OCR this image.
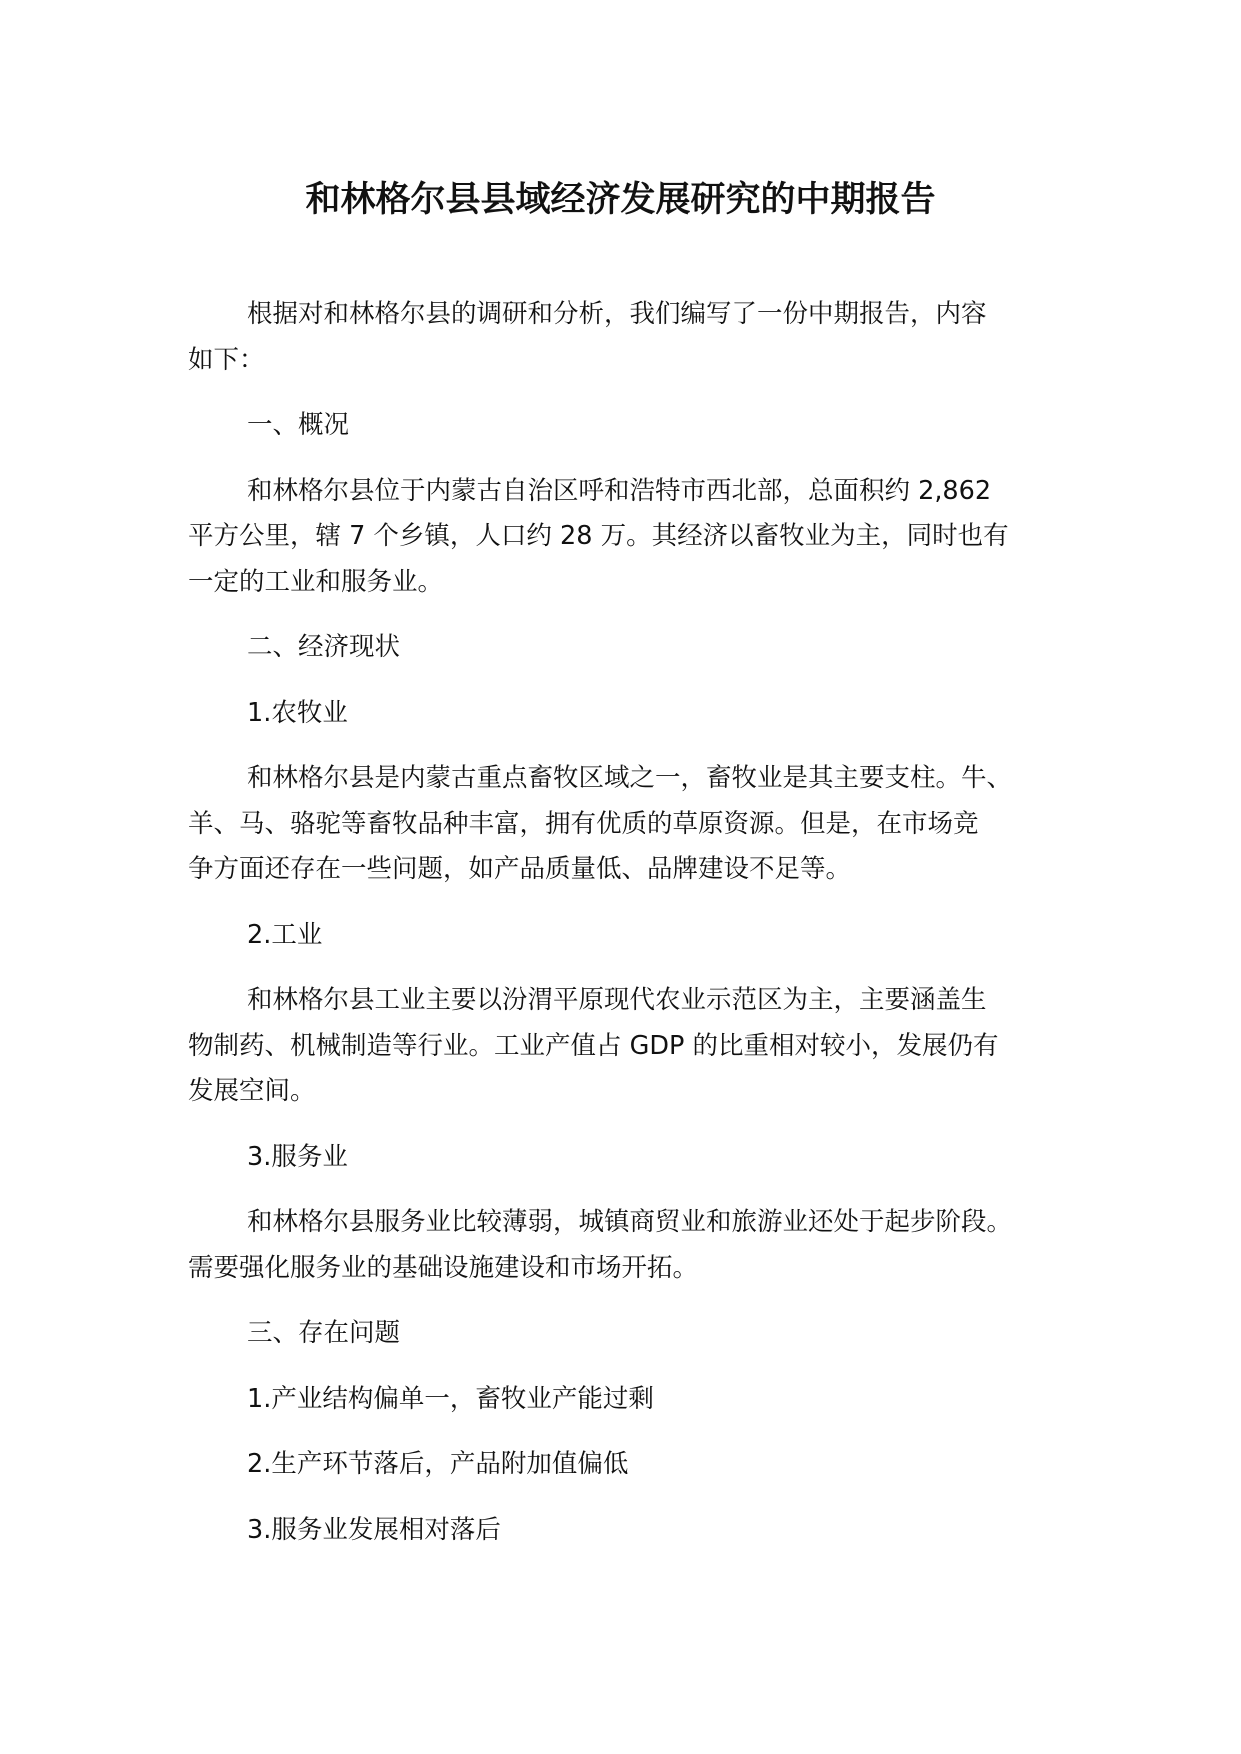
和林格尔县县域经济发展研究的中期报告

根据对和林格尔县的调研和分析，我们编写了一份中期报告，内容
如下：

一、概况

和林格尔县位于内蒙古自治区呼和浩特市西北部，总面积约 2,862
平方公里，辖 7 个乡镇，人口约 28 万。其经济以畜牧业为主，同时也有
一定的工业和服务业。

二、经济现状

1.农牧业

和林格尔县是内蒙古重点畜牧区域之一，畜牧业是其主要支柱。牛、
羊、马、骆驼等畜牧品种丰富，拥有优质的草原资源。但是，在市场竞
争方面还存在一些问题，如产品质量低、品牌建设不足等。

2.工业

和林格尔县工业主要以汾渭平原现代农业示范区为主，主要涵盖生
物制药、机械制造等行业。工业产值占 GDP 的比重相对较小，发展仍有
发展空间。

3.服务业

和林格尔县服务业比较薄弱，城镇商贸业和旅游业还处于起步阶段。
需要强化服务业的基础设施建设和市场开拓。

三、存在问题

1.产业结构偏单一，畜牧业产能过剩

2.生产环节落后，产品附加值偏低

3.服务业发展相对落后
